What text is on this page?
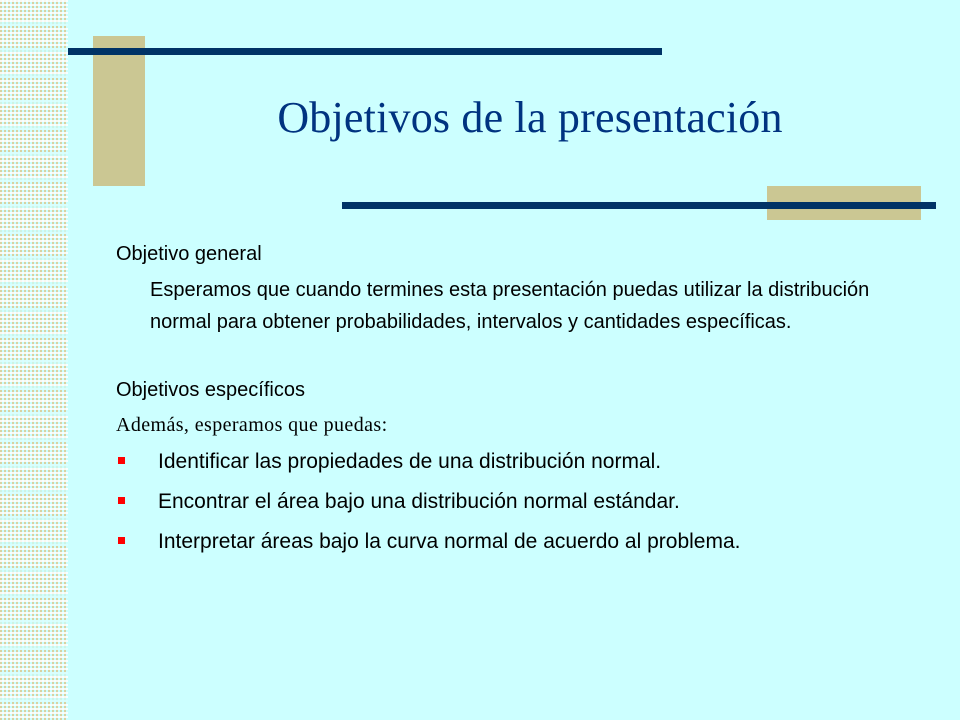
Objetivos de la presentación

Objetivo general

Esperamos que cuando termines esta presentación puedas utilizar la distribución normal para obtener probabilidades, intervalos y cantidades específicas.

Objetivos específicos

Además, esperamos que puedas:

Identificar las propiedades de una distribución normal.
Encontrar el área bajo una distribución normal estándar.
Interpretar áreas bajo la curva normal de acuerdo al problema.
